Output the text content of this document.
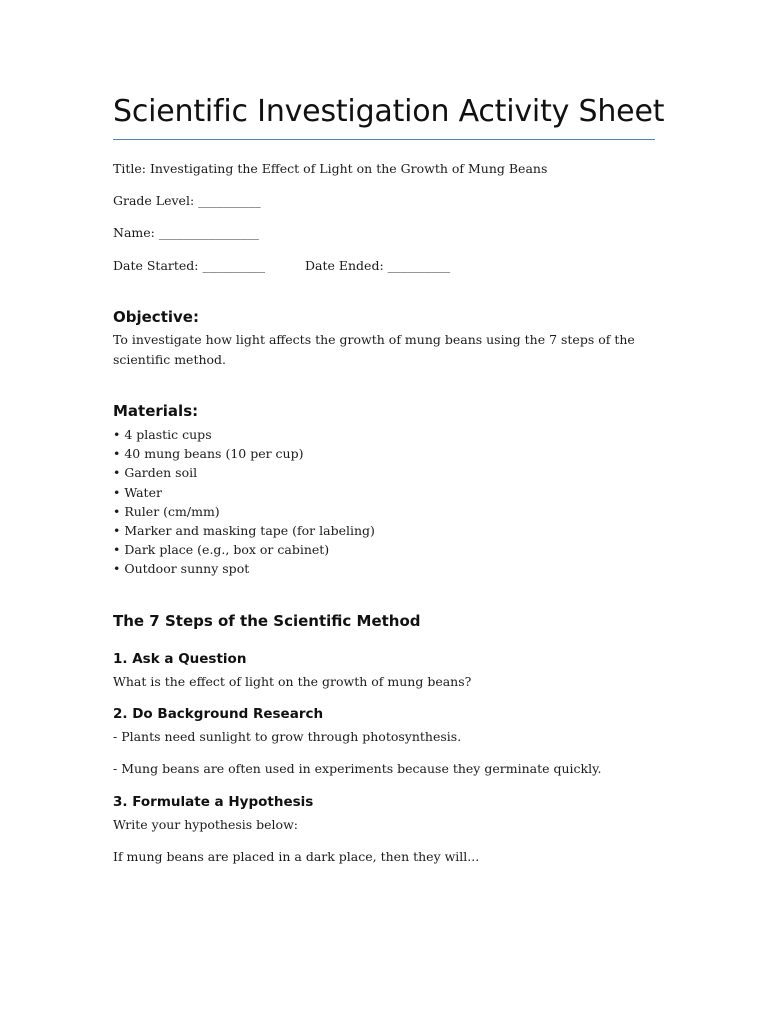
Scientific Investigation Activity Sheet
Title: Investigating the Effect of Light on the Growth of Mung Beans
Grade Level: __________
Name: ________________
Date Started: __________	Date Ended: __________
Objective:
To investigate how light affects the growth of mung beans using the 7 steps of the scientific method.
Materials:
• 4 plastic cups
• 40 mung beans (10 per cup)
• Garden soil
• Water
• Ruler (cm/mm)
• Marker and masking tape (for labeling)
• Dark place (e.g., box or cabinet)
• Outdoor sunny spot
The 7 Steps of the Scientific Method
1. Ask a Question
What is the effect of light on the growth of mung beans?
2. Do Background Research
- Plants need sunlight to grow through photosynthesis.
- Mung beans are often used in experiments because they germinate quickly.
3. Formulate a Hypothesis
Write your hypothesis below:
If mung beans are placed in a dark place, then they will...
